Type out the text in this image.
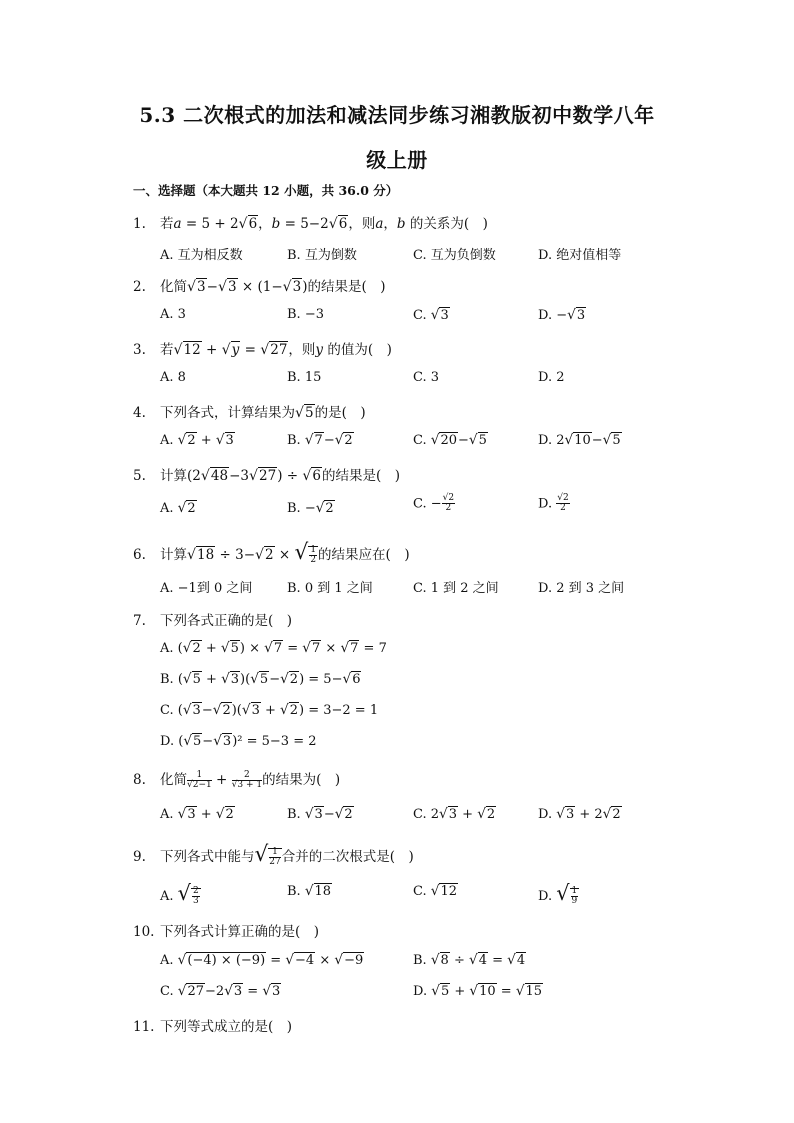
5.3 二次根式的加法和减法同步练习湘教版初中数学八年
级上册
一、选择题（本大题共 12 小题，共 36.0 分）
1. 若a = 5 + 2√6，b = 5−2√6，则a，b 的关系为(　)
A. 互为相反数	B. 互为倒数	C. 互为负倒数	D. 绝对值相等
2. 化简√3−√3 × (1−√3)的结果是(　)
A. 3	B. −3	C. √3	D. −√3
3. 若√12 + √y = √27，则y 的值为(　)
A. 8	B. 15	C. 3	D. 2
4. 下列各式，计算结果为√5的是(　)
A. √2 + √3	B. √7−√2	C. √20−√5	D. 2√10−√5
5. 计算(2√48−3√27) ÷ √6的结果是(　)
A. √2	B. −√2	C. − $\frac{√2}{2}$	D. $\frac{√2}{2}$
6. 计算√18 ÷ 3−√2 × √ $\frac{1}{2}$ 的结果应在(　)
A. −1到 0 之间	B. 0 到 1 之间	C. 1 到 2 之间	D. 2 到 3 之间
7. 下列各式正确的是(　)
A. (√2 + √5) × √7 = √7 × √7 = 7
B. (√5 + √3)(√5−√2) = 5−√6
C. (√3−√2)(√3 + √2) = 3−2 = 1
D. (√5−√3)² = 5−3 = 2
8. 化简 $\frac{1}{√2-1} + \frac{2}{√3 + 1}$ 的结果为(　)
A. √3 + √2	B. √3−√2	C. 2√3 + √2	D. √3 + 2√2
9. 下列各式中能与√ $\frac{1}{27}$ 合并的二次根式是(　)
A. √ $\frac{2}{3}$	B. √18	C. √12	D. √ $\frac{1}{9}$
10. 下列各式计算正确的是(　)
A. √(−4) × (−9) = √−4 × √−9	B. √8 ÷ √4 = √4
C. √27−2√3 = √3	D. √5 + √10 = √15
11. 下列等式成立的是(　)
